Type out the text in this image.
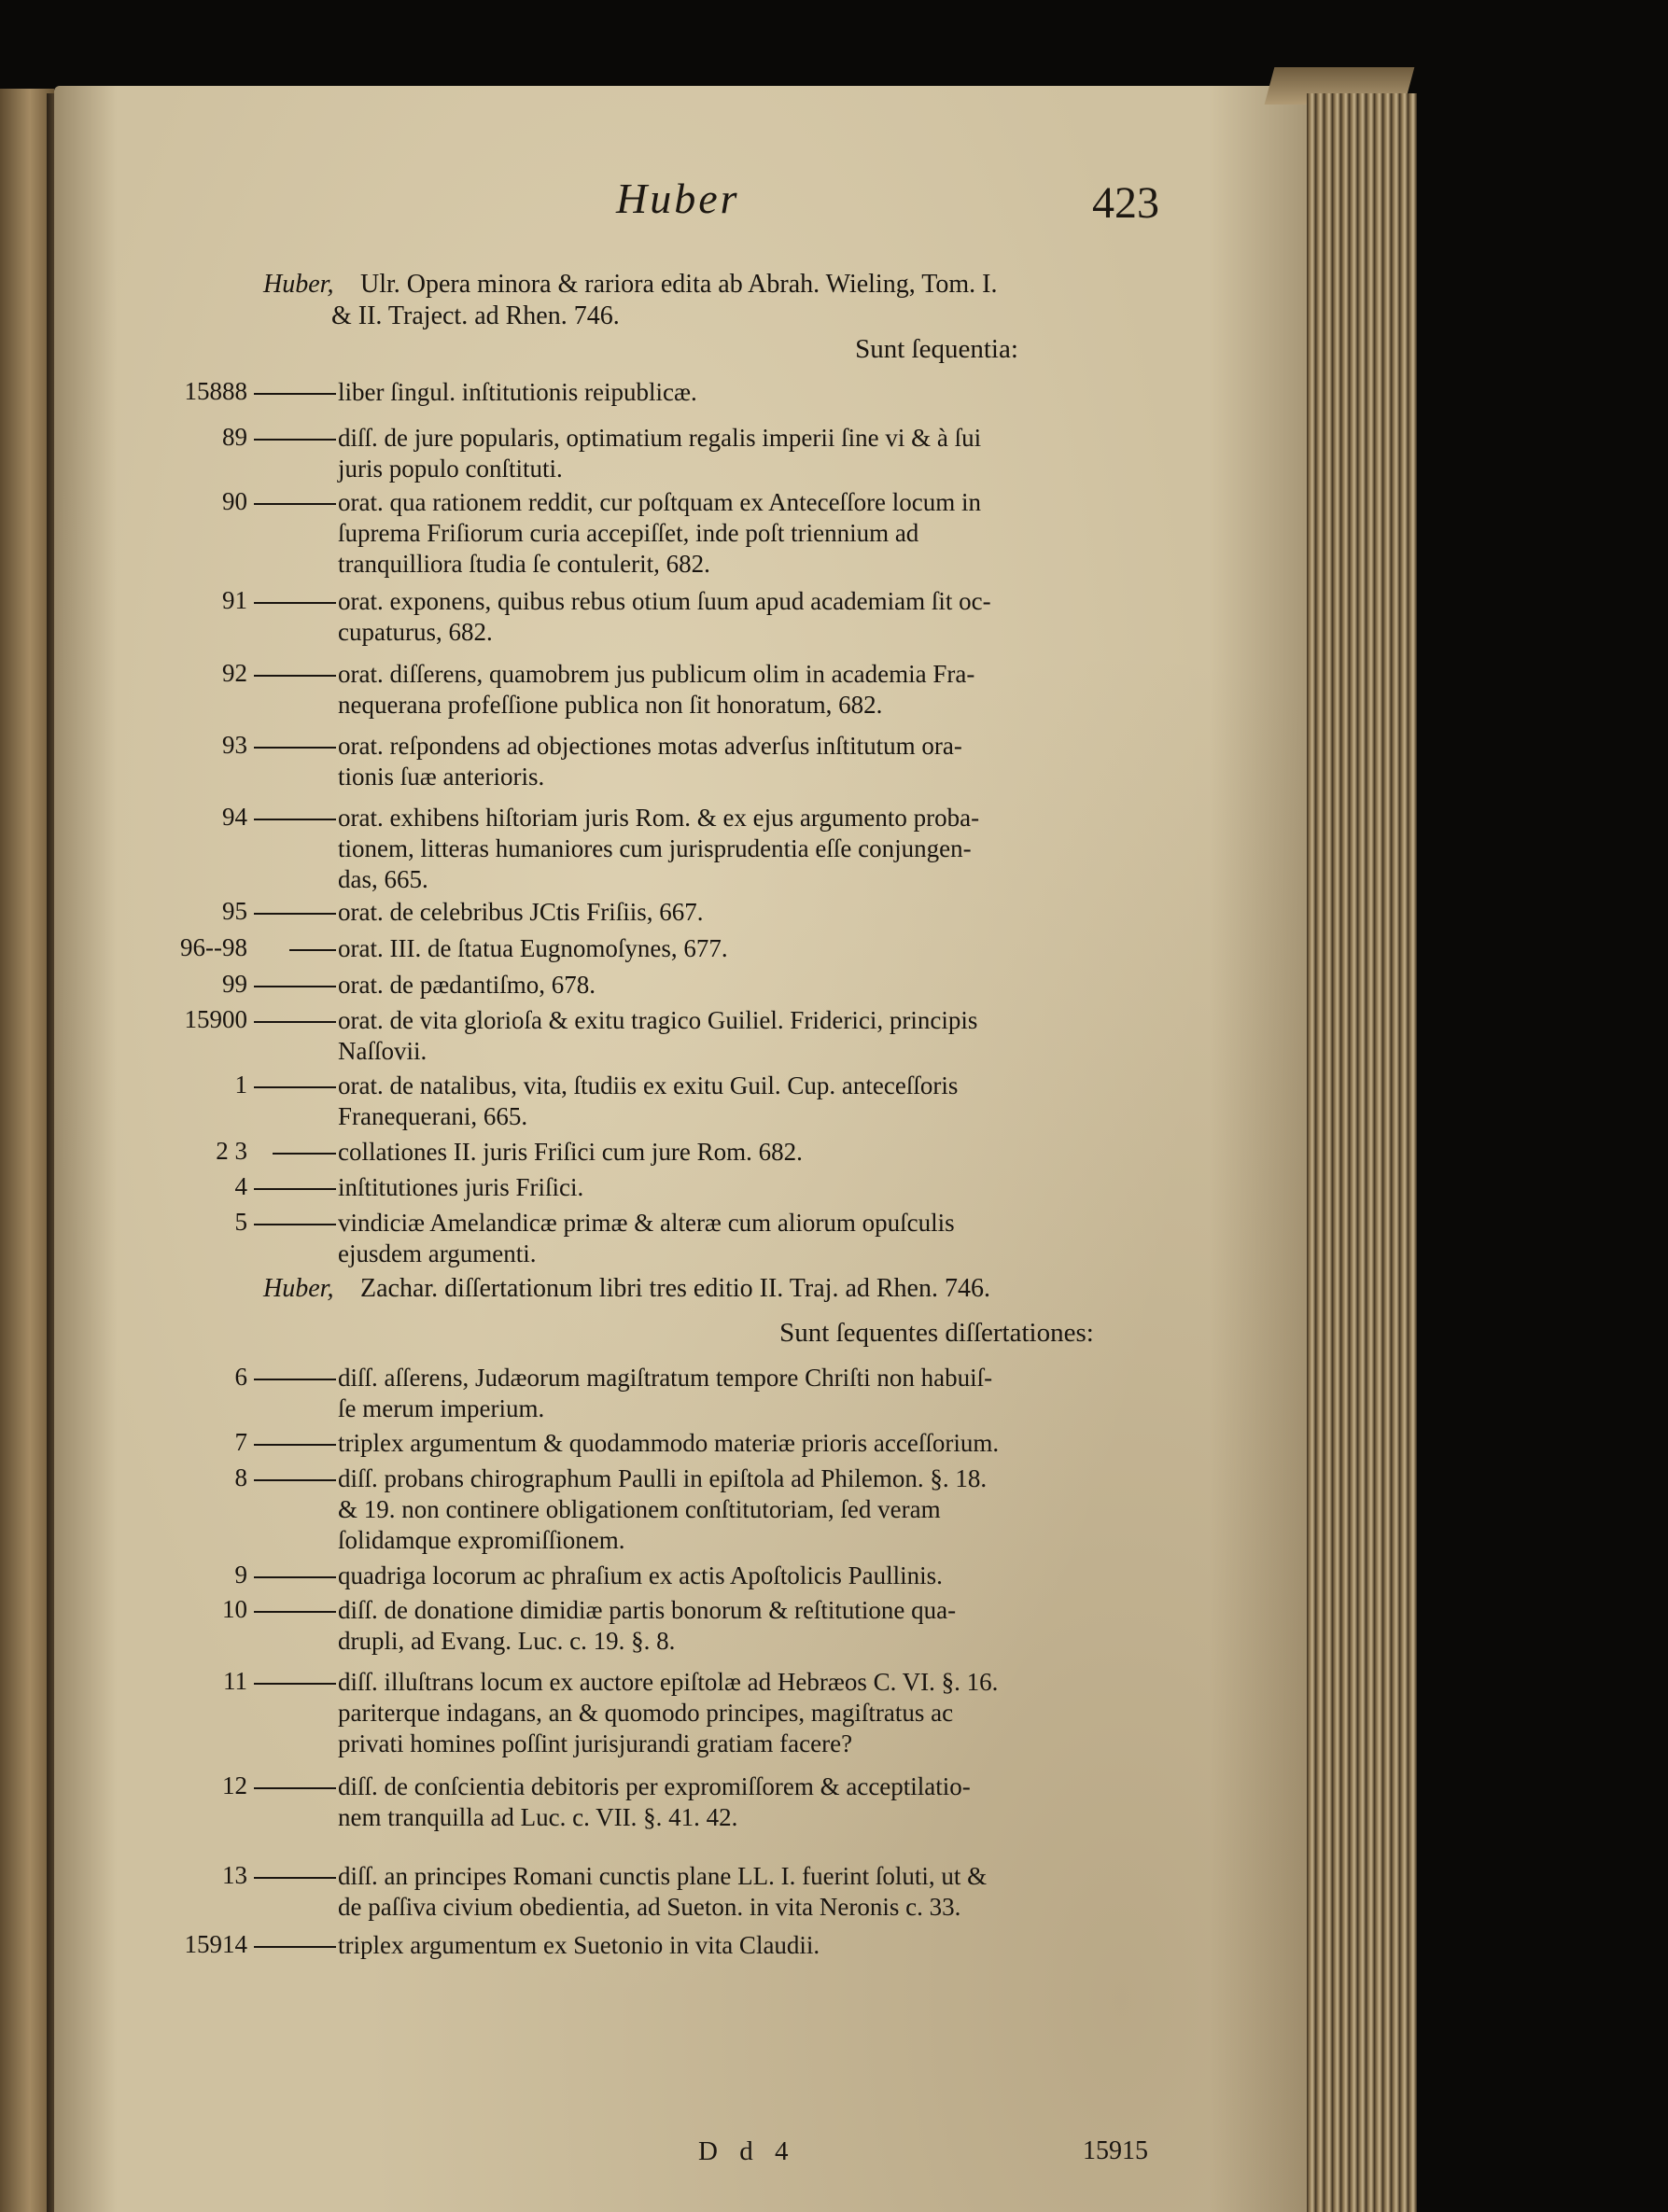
Huber	423
Huber, Ulr. Opera minora & rariora edita ab Abrah. Wieling, Tom. I.
& II. Traject. ad Rhen. 746.
Sunt ſequentia:
15888	liber ſingul. inſtitutionis reipublicæ.
89	diſſ. de jure popularis, optimatium regalis imperii ſine vi & à ſui
juris populo conſtituti.
90	orat. qua rationem reddit, cur poſtquam ex Anteceſſore locum in
ſuprema Friſiorum curia accepiſſet, inde poſt triennium ad
tranquilliora ſtudia ſe contulerit, 682.
91	orat. exponens, quibus rebus otium ſuum apud academiam ſit oc-
cupaturus, 682.
92	orat. diſſerens, quamobrem jus publicum olim in academia Fra-
nequerana profeſſione publica non ſit honoratum, 682.
93	orat. reſpondens ad objectiones motas adverſus inſtitutum ora-
tionis ſuæ anterioris.
94	orat. exhibens hiſtoriam juris Rom. & ex ejus argumento proba-
tionem, litteras humaniores cum jurisprudentia eſſe conjungen-
das, 665.
95	orat. de celebribus JCtis Friſiis, 667.
96--98	orat. III. de ſtatua Eugnomoſynes, 677.
99	orat. de pædantiſmo, 678.
15900	orat. de vita glorioſa & exitu tragico Guiliel. Friderici, principis
Naſſovii.
1	orat. de natalibus, vita, ſtudiis ex exitu Guil. Cup. anteceſſoris
Franequerani, 665.
2 3	collationes II. juris Friſici cum jure Rom. 682.
4	inſtitutiones juris Friſici.
5	vindiciæ Amelandicæ primæ & alteræ cum aliorum opuſculis
ejusdem argumenti.
Huber, Zachar. diſſertationum libri tres editio II. Traj. ad Rhen. 746.
Sunt ſequentes diſſertationes:
6	diſſ. aſſerens, Judæorum magiſtratum tempore Chriſti non habuiſ-
ſe merum imperium.
7	triplex argumentum & quodammodo materiæ prioris acceſſorium.
8	diſſ. probans chirographum Paulli in epiſtola ad Philemon. §. 18.
& 19. non continere obligationem conſtitutoriam, ſed veram
ſolidamque expromiſſionem.
9	quadriga locorum ac phraſium ex actis Apoſtolicis Paullinis.
10	diſſ. de donatione dimidiæ partis bonorum & reſtitutione qua-
drupli, ad Evang. Luc. c. 19. §. 8.
11	diſſ. illuſtrans locum ex auctore epiſtolæ ad Hebræos C. VI. §. 16.
pariterque indagans, an & quomodo principes, magiſtratus ac
privati homines poſſint jurisjurandi gratiam facere?
12	diſſ. de conſcientia debitoris per expromiſſorem & acceptilatio-
nem tranquilla ad Luc. c. VII. §. 41. 42.
13	diſſ. an principes Romani cunctis plane LL. I. fuerint ſoluti, ut &
de paſſiva civium obedientia, ad Sueton. in vita Neronis c. 33.
15914	triplex argumentum ex Suetonio in vita Claudii.
D d 4	15915
